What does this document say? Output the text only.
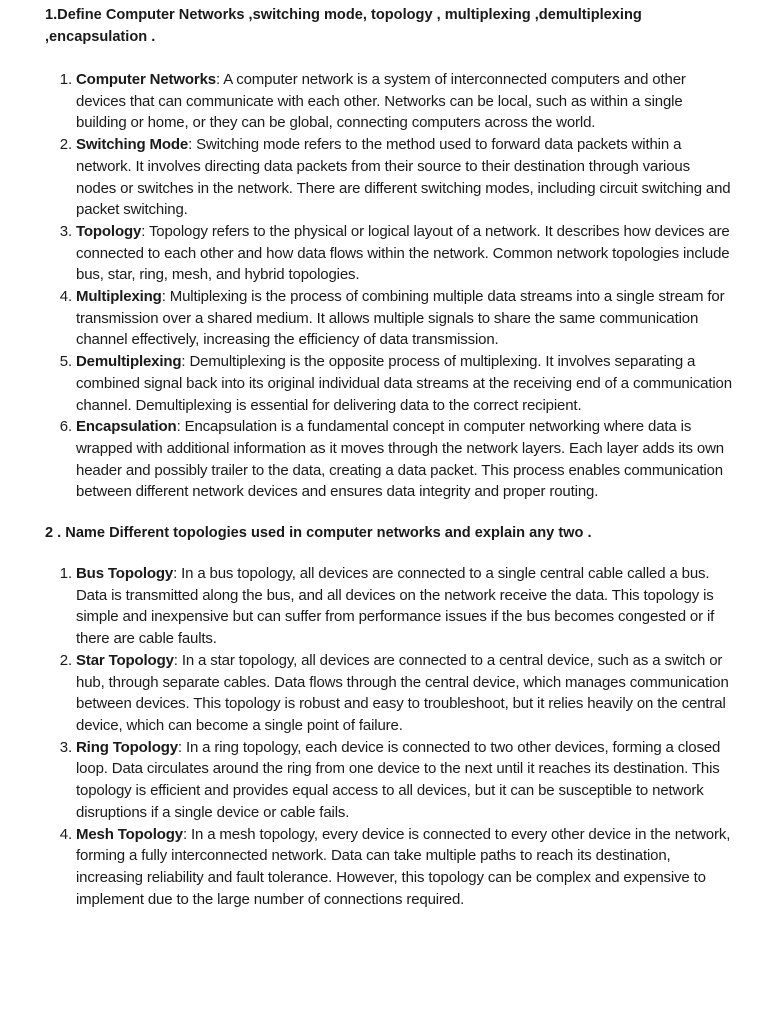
1.Define Computer Networks ,switching mode, topology , multiplexing ,demultiplexing ,encapsulation .

1. Computer Networks: A computer network is a system of interconnected computers and other devices that can communicate with each other. Networks can be local, such as within a single building or home, or they can be global, connecting computers across the world.
2. Switching Mode: Switching mode refers to the method used to forward data packets within a network. It involves directing data packets from their source to their destination through various nodes or switches in the network. There are different switching modes, including circuit switching and packet switching.
3. Topology: Topology refers to the physical or logical layout of a network. It describes how devices are connected to each other and how data flows within the network. Common network topologies include bus, star, ring, mesh, and hybrid topologies.
4. Multiplexing: Multiplexing is the process of combining multiple data streams into a single stream for transmission over a shared medium. It allows multiple signals to share the same communication channel effectively, increasing the efficiency of data transmission.
5. Demultiplexing: Demultiplexing is the opposite process of multiplexing. It involves separating a combined signal back into its original individual data streams at the receiving end of a communication channel. Demultiplexing is essential for delivering data to the correct recipient.
6. Encapsulation: Encapsulation is a fundamental concept in computer networking where data is wrapped with additional information as it moves through the network layers. Each layer adds its own header and possibly trailer to the data, creating a data packet. This process enables communication between different network devices and ensures data integrity and proper routing.

2 . Name Different topologies used in computer networks and explain any two .

1. Bus Topology: In a bus topology, all devices are connected to a single central cable called a bus. Data is transmitted along the bus, and all devices on the network receive the data. This topology is simple and inexpensive but can suffer from performance issues if the bus becomes congested or if there are cable faults.
2. Star Topology: In a star topology, all devices are connected to a central device, such as a switch or hub, through separate cables. Data flows through the central device, which manages communication between devices. This topology is robust and easy to troubleshoot, but it relies heavily on the central device, which can become a single point of failure.
3. Ring Topology: In a ring topology, each device is connected to two other devices, forming a closed loop. Data circulates around the ring from one device to the next until it reaches its destination. This topology is efficient and provides equal access to all devices, but it can be susceptible to network disruptions if a single device or cable fails.
4. Mesh Topology: In a mesh topology, every device is connected to every other device in the network, forming a fully interconnected network. Data can take multiple paths to reach its destination, increasing reliability and fault tolerance. However, this topology can be complex and expensive to implement due to the large number of connections required.
